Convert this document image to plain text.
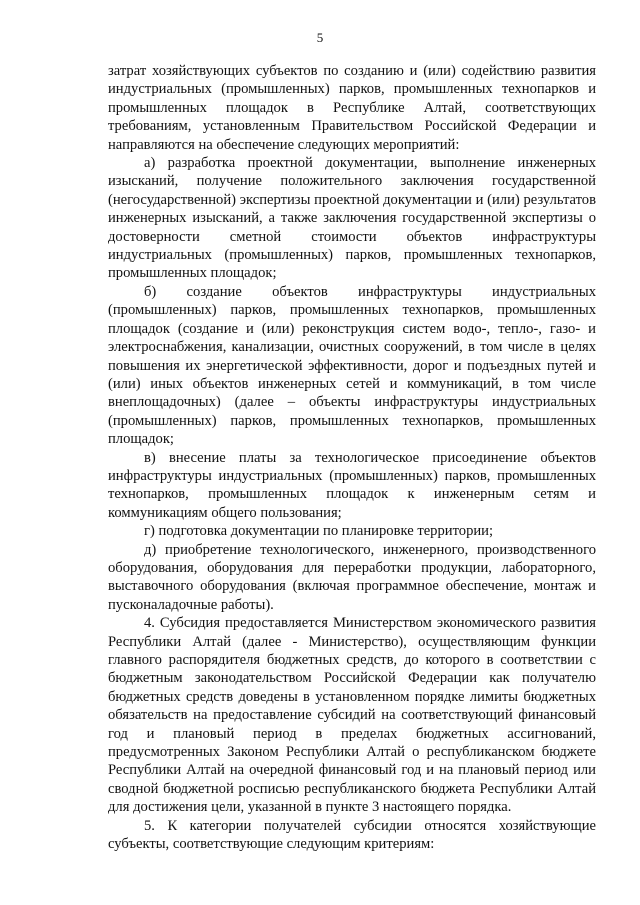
5

затрат хозяйствующих субъектов по созданию и (или) содействию развития индустриальных (промышленных) парков, промышленных технопарков и промышленных площадок в Республике Алтай, соответствующих требованиям, установленным Правительством Российской Федерации и направляются на обеспечение следующих мероприятий:

а) разработка проектной документации, выполнение инженерных изысканий, получение положительного заключения государственной (негосударственной) экспертизы проектной документации и (или) результатов инженерных изысканий, а также заключения государственной экспертизы о достоверности сметной стоимости объектов инфраструктуры индустриальных (промышленных) парков, промышленных технопарков, промышленных площадок;

б) создание объектов инфраструктуры индустриальных (промышленных) парков, промышленных технопарков, промышленных площадок (создание и (или) реконструкция систем водо-, тепло-, газо- и электроснабжения, канализации, очистных сооружений, в том числе в целях повышения их энергетической эффективности, дорог и подъездных путей и (или) иных объектов инженерных сетей и коммуникаций, в том числе внеплощадочных) (далее – объекты инфраструктуры индустриальных (промышленных) парков, промышленных технопарков, промышленных площадок;

в) внесение платы за технологическое присоединение объектов инфраструктуры индустриальных (промышленных) парков, промышленных технопарков, промышленных площадок к инженерным сетям и коммуникациям общего пользования;

г) подготовка документации по планировке территории;

д) приобретение технологического, инженерного, производственного оборудования, оборудования для переработки продукции, лабораторного, выставочного оборудования (включая программное обеспечение, монтаж и пусконаладочные работы).

4. Субсидия предоставляется Министерством экономического развития Республики Алтай (далее - Министерство), осуществляющим функции главного распорядителя бюджетных средств, до которого в соответствии с бюджетным законодательством Российской Федерации как получателю бюджетных средств доведены в установленном порядке лимиты бюджетных обязательств на предоставление субсидий на соответствующий финансовый год и плановый период в пределах бюджетных ассигнований, предусмотренных Законом Республики Алтай о республиканском бюджете Республики Алтай на очередной финансовый год и на плановый период или сводной бюджетной росписью республиканского бюджета Республики Алтай для достижения цели, указанной в пункте 3 настоящего порядка.

5. К категории получателей субсидии относятся хозяйствующие субъекты, соответствующие следующим критериям:
